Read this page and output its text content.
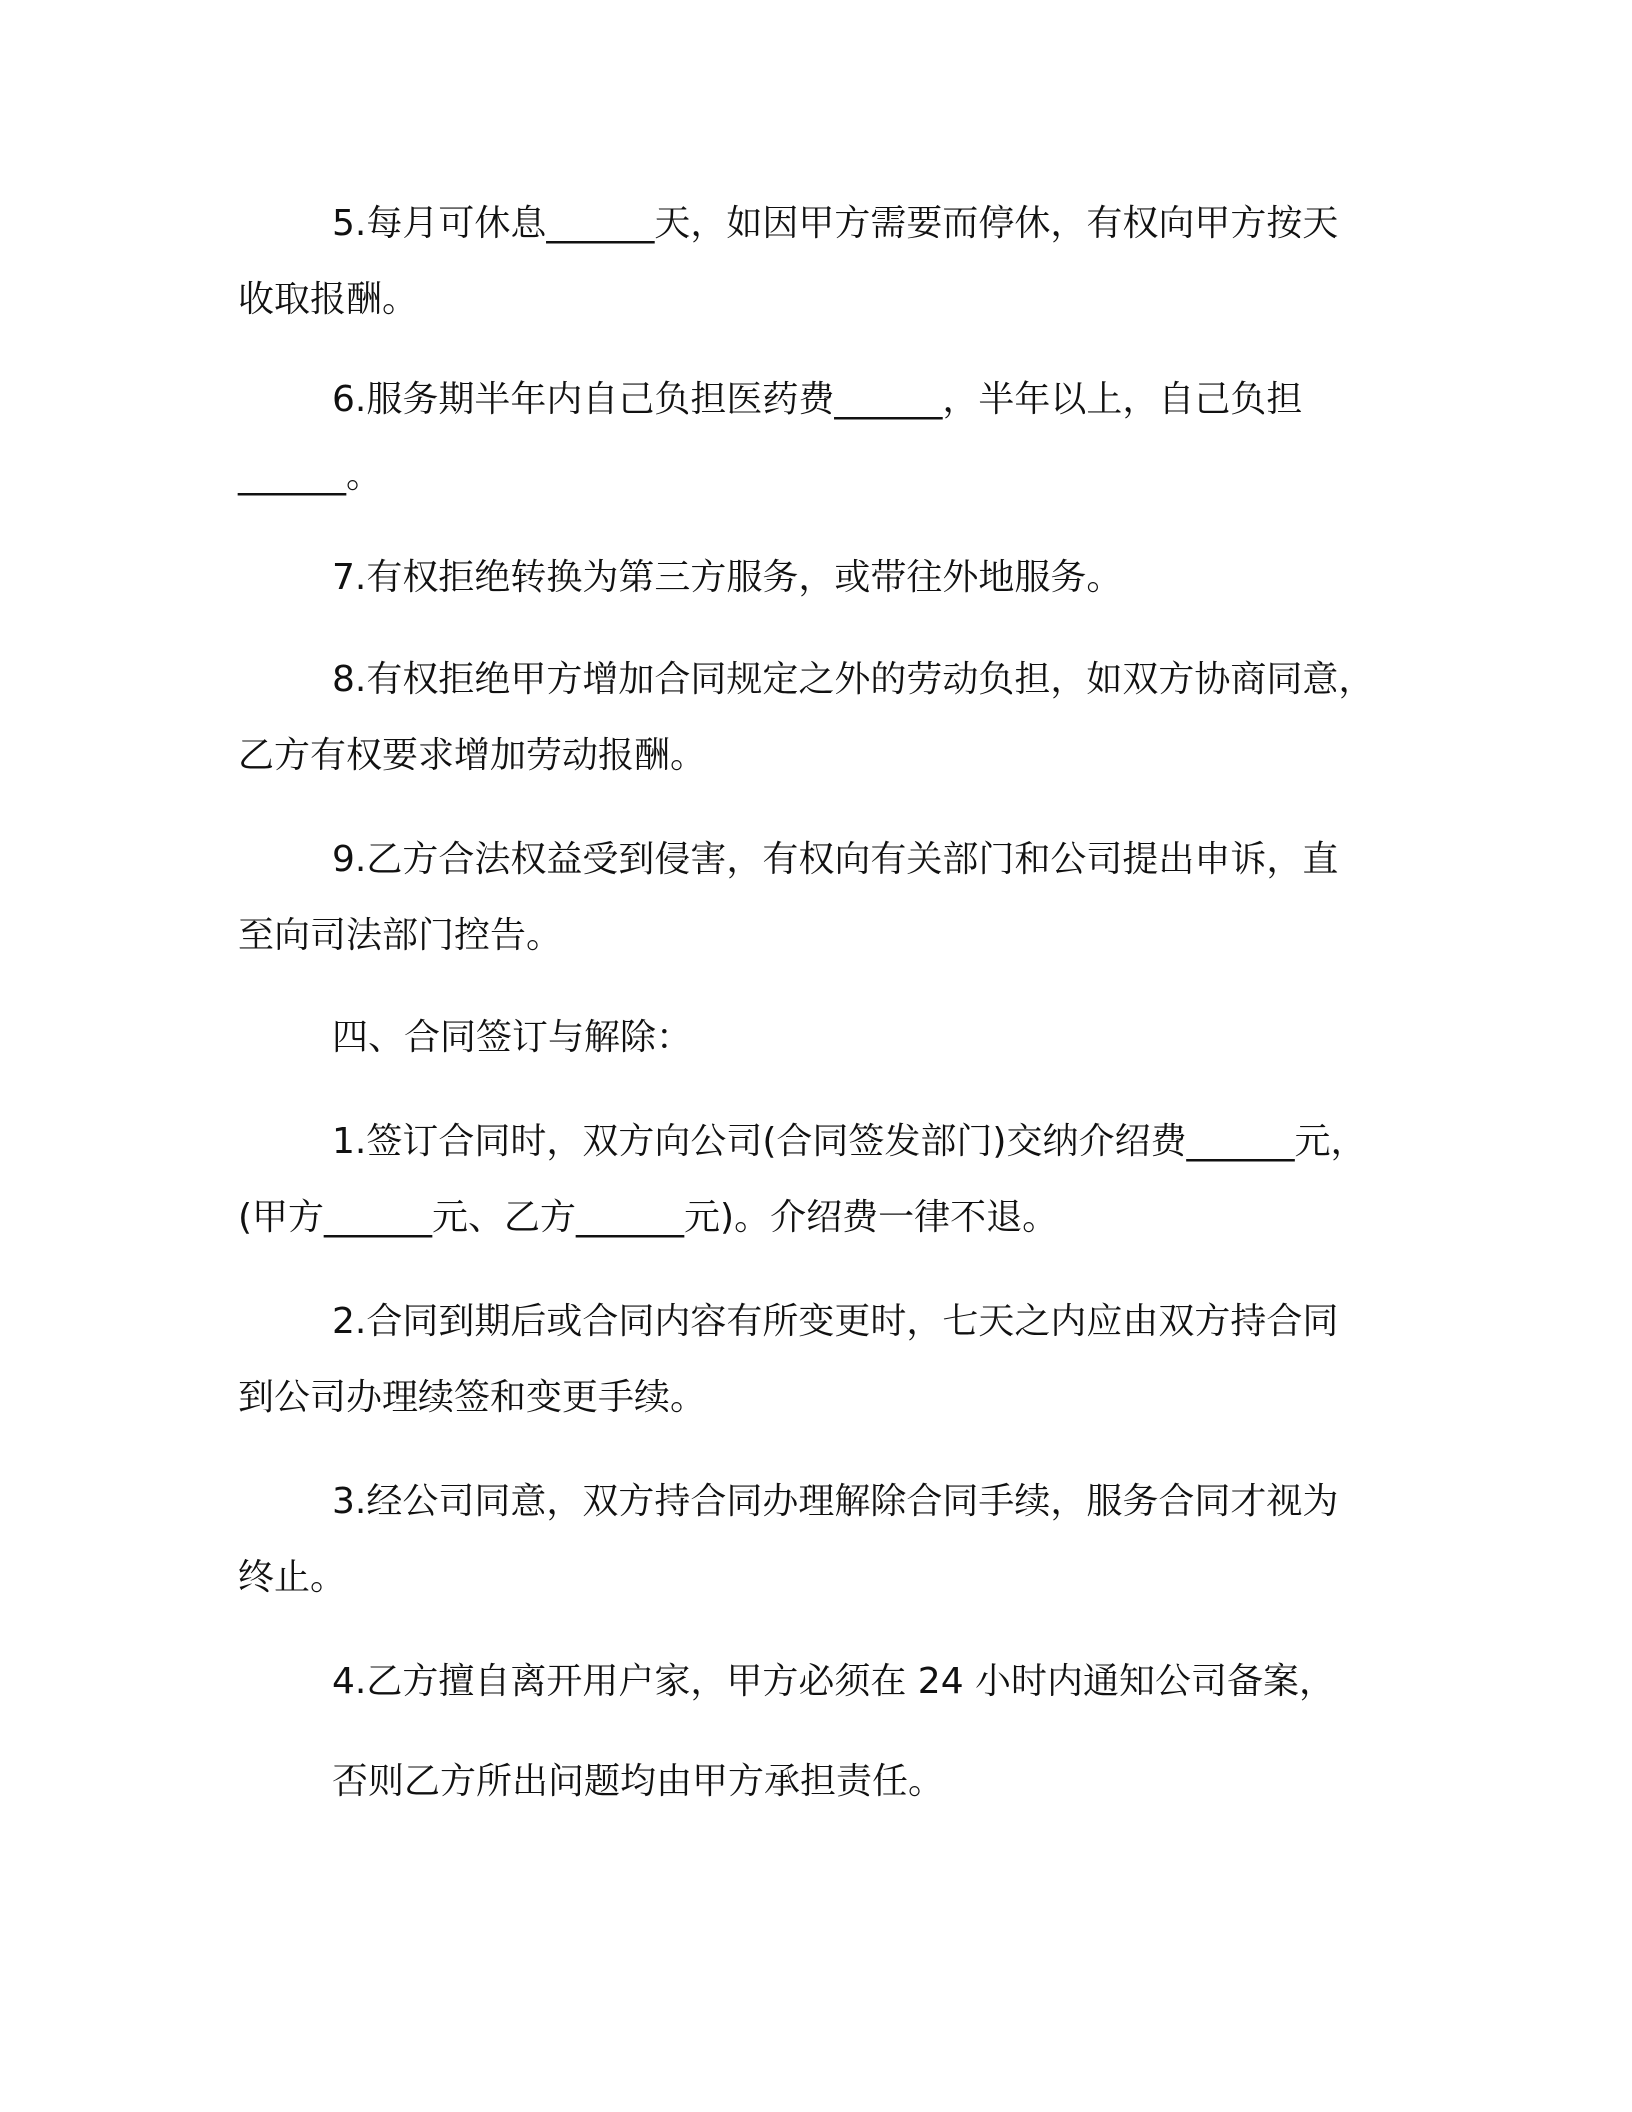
5.每月可休息______天，如因甲方需要而停休，有权向甲方按天
收取报酬。

6.服务期半年内自己负担医药费______，半年以上，自己负担
______。

7.有权拒绝转换为第三方服务，或带往外地服务。

8.有权拒绝甲方增加合同规定之外的劳动负担，如双方协商同意，
乙方有权要求增加劳动报酬。

9.乙方合法权益受到侵害，有权向有关部门和公司提出申诉，直
至向司法部门控告。

四、合同签订与解除：

1.签订合同时，双方向公司(合同签发部门)交纳介绍费______元，
(甲方______元、乙方______元)。介绍费一律不退。

2.合同到期后或合同内容有所变更时，七天之内应由双方持合同
到公司办理续签和变更手续。

3.经公司同意，双方持合同办理解除合同手续，服务合同才视为
终止。

4.乙方擅自离开用户家，甲方必须在 24 小时内通知公司备案，

否则乙方所出问题均由甲方承担责任。
